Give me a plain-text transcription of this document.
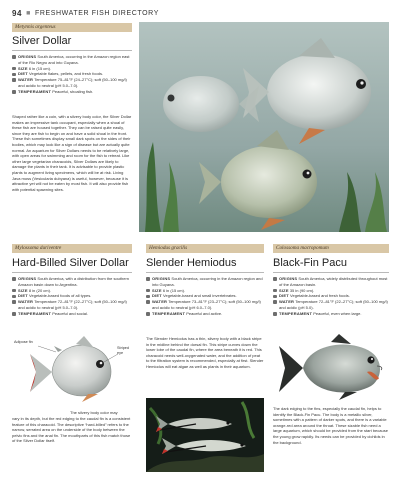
94 ■ FRESHWATER FISH DIRECTORY
Metynnis argenteus
Silver Dollar
ORIGINS South America, occurring in the Amazon region east of the Rio Negro and into Guyana.
SIZE 6 in (15 cm).
DIET Vegetable flakes, pellets, and fresh foods.
WATER Temperature 75–81°F (24–27°C); soft (50–100 mg/l) and acidic to neutral (pH 5.0–7.0).
TEMPERAMENT Peaceful, shoaling fish.
Shaped rather like a coin, with a silvery body color, the Silver Dollar makes an impressive tank occupant, especially when a shoal of these fish are housed together. They can be raised quite easily, since they are fish to begin on and have a solid shoal in the front. These fish sometimes display small dark spots on the sides of their bodies, which may look like a sign of disease but are actually quite normal. An aquarium for Silver Dollars needs to be relatively large, with open areas for swimming and room for the fish to retreat. Like other large vegetarian characoids, Silver Dollars are likely to damage the plants in their tank. It is advisable to provide plastic plants to augment living specimens, which will be at risk. Living Java moss (Vesicularia dubyana) is useful, however, because it is attractive yet will not be eaten by most fish. It will also provide fish with potential spawning sites.
Mylossoma duriventre
Hard-Billed Silver Dollar
ORIGINS South America, with a distribution from the southern Amazon basin down to Argentina.
SIZE 8 in (20 cm).
DIET Vegetable-based foods of all types.
WATER Temperature 72–81°F (22–27°C); soft (50–100 mg/l) and acidic to neutral (pH 5.0–7.0).
TEMPERAMENT Peaceful and social.
Adipose fin
Striped eye
The silvery body color may
vary in its depth, but the red edging to the caudal fin is a consistent feature of this characoid. The descriptive “hard-billed” refers to the narrow, serrated area on the underside of the body between the pelvic fins and the anal fin. The mouthparts of this fish match those of the Silver Dollar itself.
Hemiodus gracilis
Slender Hemiodus
ORIGINS South America, occurring in the Amazon region and into Guyana.
SIZE 6 in (15 cm).
DIET Vegetable-based and small invertebrates.
WATER Temperature 73–81°F (23–27°C); soft (50–100 mg/l) and acidic to neutral (pH 6.0–7.0).
TEMPERAMENT Peaceful and active.
The Slender Hemiodus has a thin, silvery body with a black stripe in the midline behind the dorsal fin. This stripe curves down the lower lobe of the caudal fin, where the area beneath it is red. This characoid needs well-oxygenated water, and the addition of peat to the filtration system is recommended, especially at first. Slender Hemiodus will eat algae as well as plants in their aquarium.
Colossoma macropomum
Black-Fin Pacu
ORIGINS South America, widely distributed throughout most of the Amazon basin.
SIZE 35 in (90 cm).
DIET Vegetable-based and fresh foods.
WATER Temperature 72–81°F (22–27°C); soft (50–100 mg/l) and acidic (pH 5.0).
TEMPERAMENT Peaceful, even when large.
The dark edging to the fins, especially the caudal fin, helps to identify the Black-Fin Pacu. The body is a metallic silver, sometimes with a pattern of darker spots, and there is a variable orange-red area around the throat. These sizable fish need a large aquarium, which should be provided from the start because the young grow rapidly. Its needs can be provided by cichlids in the background.
